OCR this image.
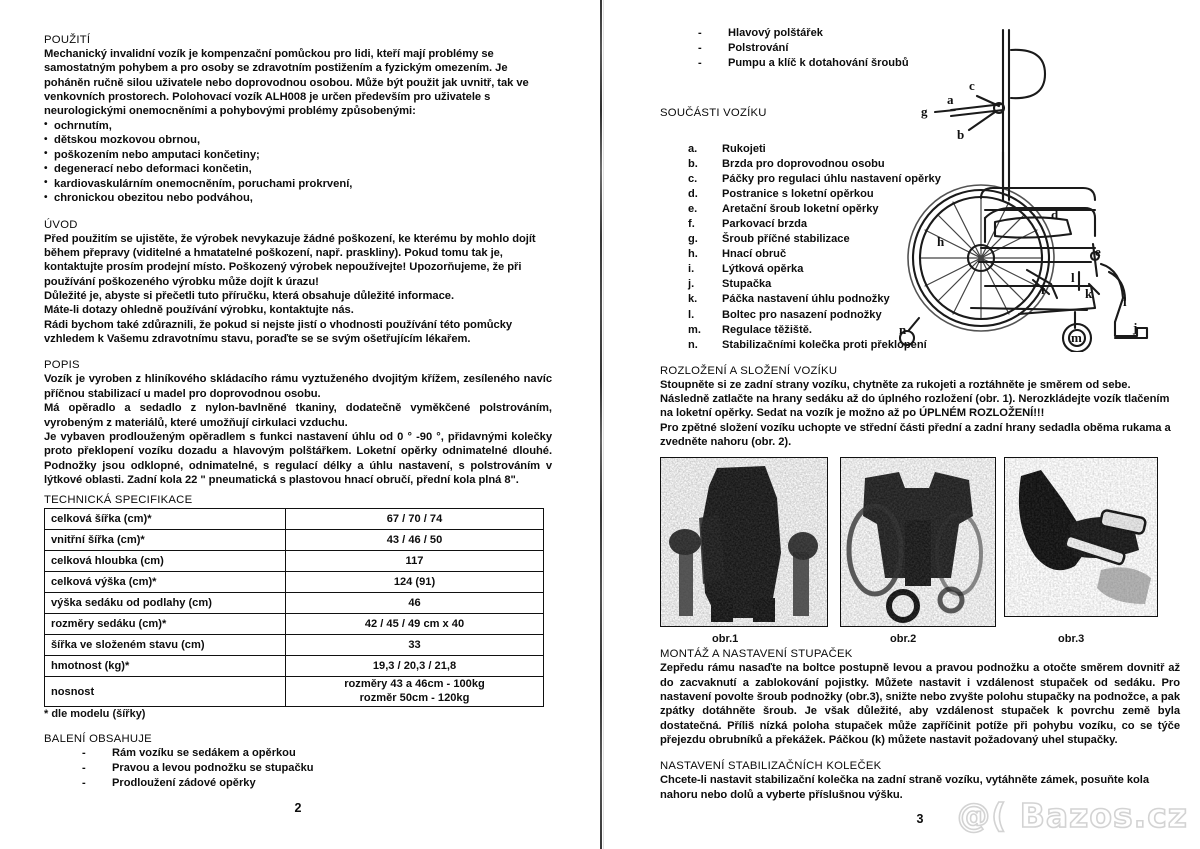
POUŽITÍ

Mechanický invalidní vozík je kompenzační pomůckou pro lidi, kteří mají problémy se samostatným pohybem a pro osoby se zdravotním postižením a fyzickým omezením. Je poháněn ručně silou uživatele nebo doprovodnou osobou. Může být použit jak uvnitř, tak ve venkovních prostorech. Polohovací vozík ALH008 je určen především pro uživatele s neurologickými onemocněními a pohybovými problémy způsobenými:

• ochrnutím,
• dětskou mozkovou obrnou,
• poškozením nebo amputaci končetiny;
• degenerací nebo deformaci končetin,
• kardiovaskulárním onemocněním, poruchami prokrvení,
• chronickou obezitou nebo podváhou,
ÚVOD

Před použitím se ujistěte, že výrobek nevykazuje žádné poškození, ke kterému by mohlo dojít během přepravy (viditelné a hmatatelné poškození, např. praskliny). Pokud tomu tak je, kontaktujte prosím prodejní místo. Poškozený výrobek nepoužívejte! Upozorňujeme, že při používání poškozeného výrobku může dojít k úrazu!

Důležité je, abyste si přečetli tuto příručku, která obsahuje důležité informace.

Máte-li dotazy ohledně používání výrobku, kontaktujte nás.

Rádi bychom také zdůraznili, že pokud si nejste jistí o vhodnosti používání této pomůcky vzhledem k Vašemu zdravotnímu stavu, poraďte se se svým ošetřujícím lékařem.

POPIS

Vozík je vyroben z hliníkového skládacího rámu vyztuženého dvojitým křížem, zesíleného navíc příčnou stabilizací u madel pro doprovodnou osobu.

Má opěradlo a sedadlo z nylon-bavlněné tkaniny, dodatečně vyměkčené polstrováním, vyrobeným z materiálů, které umožňují cirkulaci vzduchu.

Je vybaven prodlouženým opěradlem s funkci nastavení úhlu od 0 ° -90 °, přidavnými kolečky proto překlopení vozíku dozadu a hlavovým polštářkem. Loketní opěrky odnimatelné dlouhé. Podnožky jsou odklopné, odnimatelné, s regulací délky a úhlu nastavení, s polstrováním v lýtkové oblasti. Zadní kola 22 " pneumatická s plastovou hnací obručí, přední kola plná 8".

TECHNICKÁ SPECIFIKACE
celková šířka (cm)*	67 / 70 / 74
vnitřní šířka (cm)*	43 / 46 / 50
celková hloubka (cm)	117
celková výška (cm)*	124 (91)
výška sedáku od podlahy (cm)	46
rozměry sedáku (cm)*	42 / 45 / 49 cm x 40
šířka ve složeném stavu (cm)	33
hmotnost (kg)*	19,3 / 20,3 / 21,8
nosnost	rozměry 43 a 46cm - 100kg
rozměr 50cm - 120kg
* dle modelu (šířky)
BALENÍ OBSAHUJE
- Rám vozíku se sedákem a opěrkou
- Pravou a levou podnožku se stupačku
- Prodloužení zádové opěrky
2
- Hlavový polštářek
- Polstrování
- Pumpu a klíč k dotahování šroubů
SOUČÁSTI VOZÍKU
a. Rukojeti
b. Brzda pro doprovodnou osobu
c. Páčky pro regulaci úhlu nastavení opěrky
d. Postranice s loketní opěrkou
e. Aretační šroub loketní opěrky
f. Parkovací brzda
g. Šroub příčné stabilizace
h. Hnací obruč
i.	Lýtková opěrka
j.	Stupačka
k. Páčka nastavení úhlu podnožky
l.	Boltec pro nasazení podnožky
m. Regulace těžiště.
n. Stabilizačními kolečka proti překlopení
ROZLOŽENÍ A SLOŽENÍ VOZÍKU

Stoupněte si ze zadní strany vozíku, chytněte za rukojeti a roztáhněte je směrem od sebe. Následně zatlačte na hrany sedáku až do úplného rozložení (obr. 1). Nerozkládejte vozík tlačením na loketní opěrky. Sedat na vozík je možno až po ÚPLNÉM ROZLOŽENÍ!!!

Pro zpětné složení vozíku uchopte ve střední části přední a zadní hrany sedadla oběma rukama a zvedněte nahoru (obr. 2).

obr.1	obr.2	obr.3
MONTÁŽ A NASTAVENÍ STUPAČEK

Zepředu rámu nasaďte na boltce postupně levou a pravou podnožku a otočte směrem dovnitř až do zacvaknutí a zablokování pojistky. Můžete nastavit i vzdálenost stupaček od sedáku. Pro nastavení povolte šroub podnožky (obr.3), snižte nebo zvyšte polohu stupačky na podnožce, a pak zpátky dotáhněte šroub. Je však důležité, aby vzdálenost stupaček k povrchu země byla dostatečná. Příliš nízká poloha stupaček může zapříčinit potíže při pohybu vozíku, co se týče přejezdu obrubníků a překážek. Páčkou (k) můžete nastavit požadovaný uhel stupačky.

NASTAVENÍ STABILIZAČNÍCH KOLEČEK

Chcete-li nastavit stabilizační kolečka na zadní straně vozíku, vytáhněte zámek, posuňte kola nahoru nebo dolů a vyberte příslušnou výšku.

3
a
b
c
d
e
f
g
h
i
j
k
l
m
n
@( Bazos.cz
